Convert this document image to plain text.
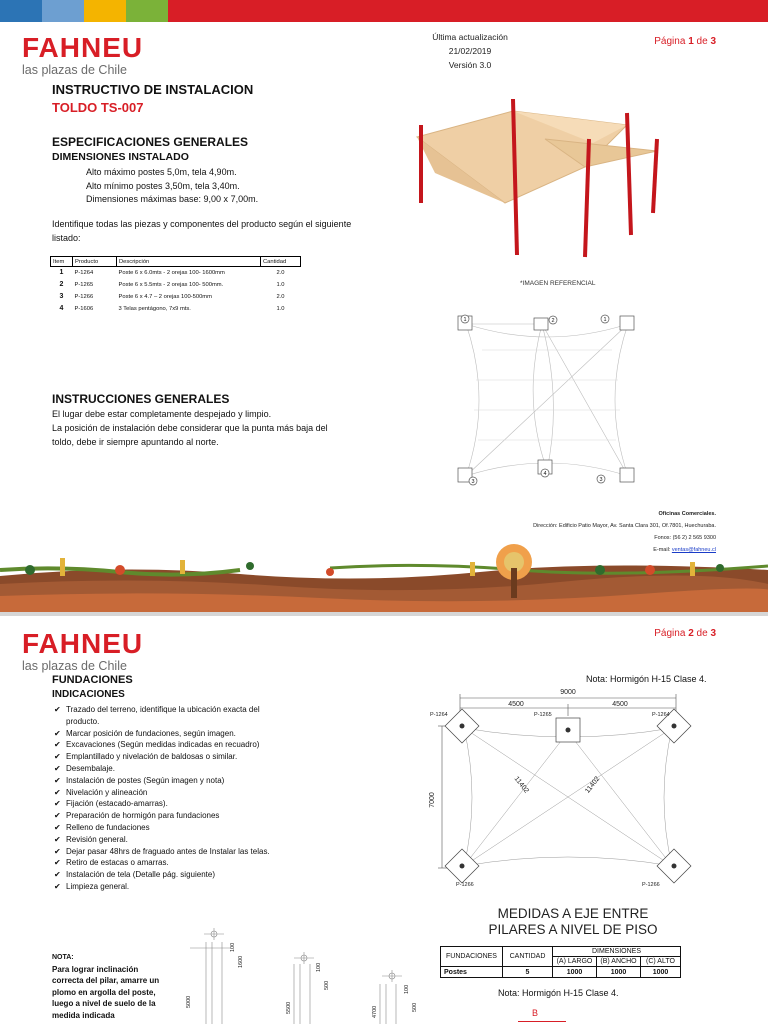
FAHNEU
las plazas de Chile
Última actualización
21/02/2019
Versión 3.0
Página 1 de 3
INSTRUCTIVO DE INSTALACION
TOLDO TS-007
ESPECIFICACIONES GENERALES
DIMENSIONES INSTALADO
Alto máximo postes 5,0m, tela 4,90m.
Alto mínimo postes 3,50m, tela 3,40m.
Dimensiones máximas base: 9,00 x 7,00m.
Identifique todas las piezas y componentes del producto según el siguiente listado:
Item	Producto	Descripción	Cantidad
1	P-1264	Poste 6 x 6.0mts - 2 orejas 100- 1600mm	2.0
2	P-1265	Poste 6 x 5.5mts - 2 orejas 100- 500mm.	1.0
3	P-1266	Poste 6 x 4.7 – 2 orejas 100-500mm	2.0
4	P-1606	3 Telas pentágono, 7x9 mts.	1.0
*IMAGEN REFERENCIAL
1	2	1
3
4
3
INSTRUCCIONES GENERALES
El lugar debe estar completamente despejado y limpio.
La posición de instalación debe considerar que la punta más baja del toldo, debe ir siempre apuntando al norte.
Oficinas Comerciales.
Dirección: Edificio Patio Mayor, Av. Santa Clara 301, Of.7801, Huechuraba.
Fonos: (56 2) 2 565 9300
E-mail: ventas@fahneu.cl
FAHNEU
las plazas de Chile
Página 2 de 3
FUNDACIONES
INDICACIONES
✔ Trazado del terreno, identifique la ubicación exacta del producto.
✔ Marcar posición de fundaciones, según imagen.
✔ Excavaciones (Según medidas indicadas en recuadro)
✔ Emplantillado y nivelación de baldosas o similar.
✔ Desembalaje.
✔ Instalación de postes (Según imagen y nota)
✔ Nivelación y alineación
✔ Fijación (estacado-amarras).
✔ Preparación de hormigón para fundaciones
✔ Relleno de fundaciones
✔ Revisión general.
✔ Dejar pasar 48hrs de fraguado antes de Instalar las telas.
✔ Retiro de estacas o amarras.
✔ Instalación de tela (Detalle pág. siguiente)
✔ Limpieza general.
Nota: Hormigón H-15 Clase 4.
9000
4500	4500
7000
11402	11402
P-1264	P-1265	P-1264
P-1266	P-1266
MEDIDAS A EJE ENTRE
PILARES A NIVEL DE PISO
FUNDACIONES	CANTIDAD	DIMENSIONES		
		(A) LARGO	(B) ANCHO	(C) ALTO
Postes	5	1000	1000	1000
Nota: Hormigón H-15 Clase 4.
NOTA:
Para lograr inclinación correcta del pilar, amarre un plomo en argolla del poste, luego a nivel de suelo de la medida indicada
5000
100
1600
5500
100
500
4700
100
500
B
